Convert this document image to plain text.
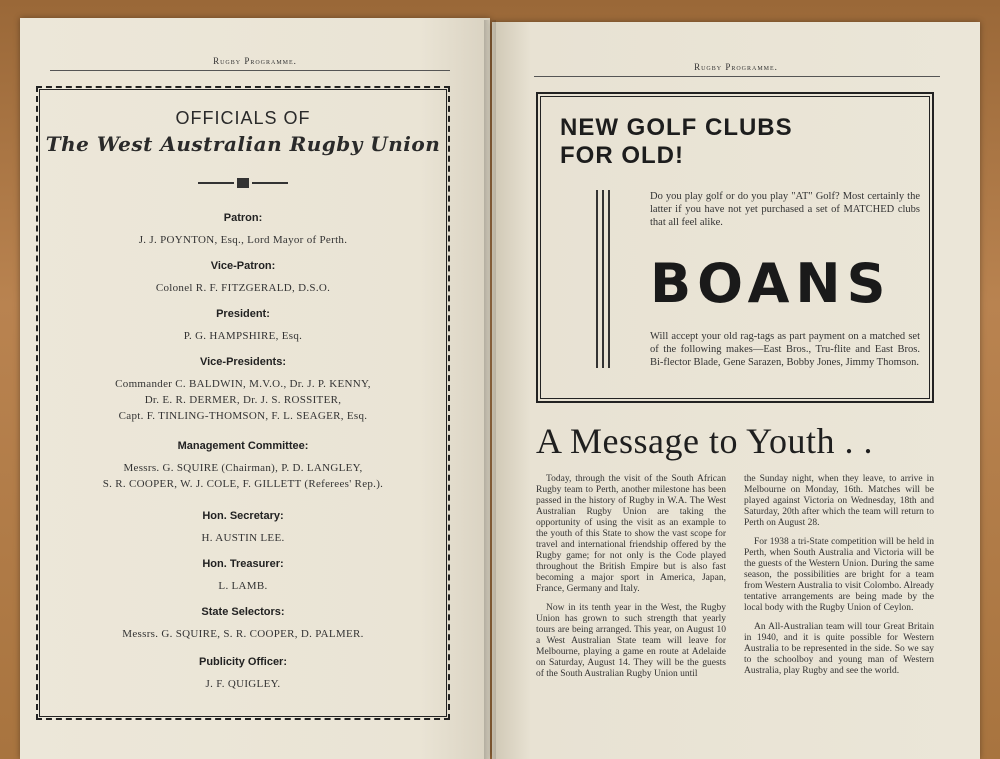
Rugby Programme.
OFFICIALS OF
The West Australian Rugby Union
Patron:
J. J. POYNTON, Esq., Lord Mayor of Perth.
Vice-Patron:
Colonel R. F. FITZGERALD, D.S.O.
President:
P. G. HAMPSHIRE, Esq.
Vice-Presidents:
Commander C. BALDWIN, M.V.O., Dr. J. P. KENNY,
Dr. E. R. DERMER, Dr. J. S. ROSSITER,
Capt. F. TINLING-THOMSON, F. L. SEAGER, Esq.
Management Committee:
Messrs. G. SQUIRE (Chairman), P. D. LANGLEY,
S. R. COOPER, W. J. COLE, F. GILLETT (Referees' Rep.).
Hon. Secretary:
H. AUSTIN LEE.
Hon. Treasurer:
L. LAMB.
State Selectors:
Messrs. G. SQUIRE, S. R. COOPER, D. PALMER.
Publicity Officer:
J. F. QUIGLEY.
Rugby Programme.
NEW GOLF CLUBS
FOR OLD!
Do you play golf or do you play "AT" Golf? Most certainly the latter if you have not yet purchased a set of MATCHED clubs that all feel alike.
BOANS
Will accept your old rag-tags as part payment on a matched set of the following makes—East Bros., Tru-flite and East Bros. Bi-flector Blade, Gene Sarazen, Bobby Jones, Jimmy Thomson.
A Message to Youth . .

Today, through the visit of the South African Rugby team to Perth, another milestone has been passed in the history of Rugby in W.A. The West Australian Rugby Union are taking the opportunity of using the visit as an example to the youth of this State to show the vast scope for travel and international friendship offered by the Rugby game; for not only is the Code played throughout the British Empire but is also fast becoming a major sport in America, Japan, France, Germany and Italy.

Now in its tenth year in the West, the Rugby Union has grown to such strength that yearly tours are being arranged. This year, on August 10 a West Australian State team will leave for Melbourne, playing a game en route at Adelaide on Saturday, August 14. They will be the guests of the South Australian Rugby Union until

the Sunday night, when they leave, to arrive in Melbourne on Monday, 16th. Matches will be played against Victoria on Wednesday, 18th and Saturday, 20th after which the team will return to Perth on August 28.

For 1938 a tri-State competition will be held in Perth, when South Australia and Victoria will be the guests of the Western Union. During the same season, the possibilities are bright for a team from Western Australia to visit Colombo. Already tentative arrangements are being made by the local body with the Rugby Union of Ceylon.

An All-Australian team will tour Great Britain in 1940, and it is quite possible for Western Australia to be represented in the side. So we say to the schoolboy and young man of Western Australia, play Rugby and see the world.
